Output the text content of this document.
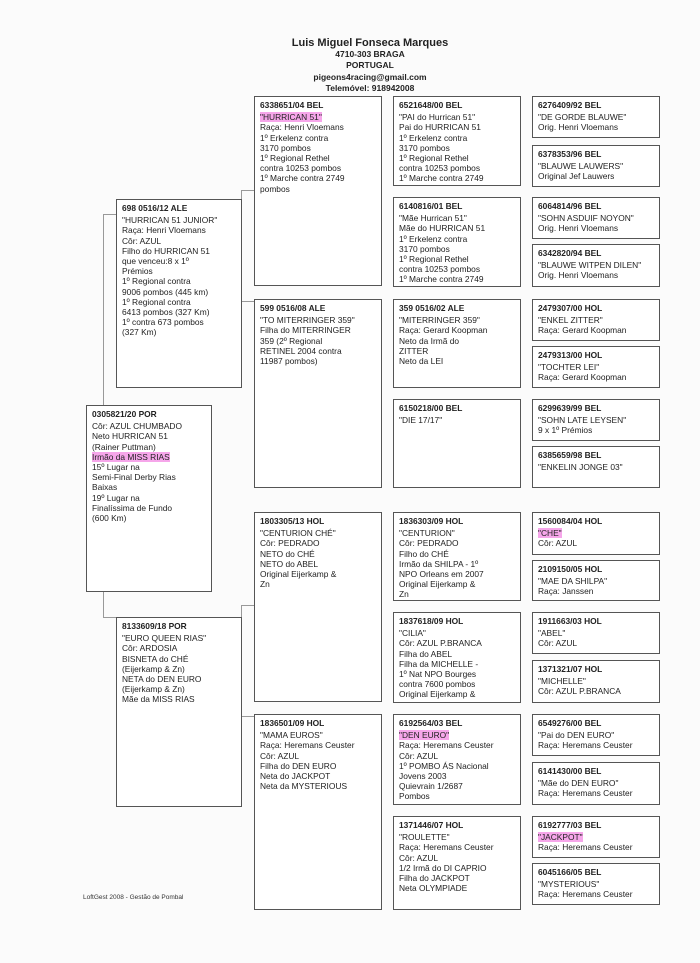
Luis Miguel Fonseca Marques
4710-303 BRAGA
PORTUGAL
pigeons4racing@gmail.com
Telemóvel: 918942008
0305821/20 POR
Côr: AZUL CHUMBADO
Neto HURRICAN 51
(Rainer Puttman)
Irmão da MISS RIAS
15º Lugar na
Semi-Final Derby Rias
Baixas
19º Lugar na
Finalíssima de Fundo
(600 Km)
698 0516/12 ALE
"HURRICAN 51 JUNIOR"
Raça: Henri Vloemans
Côr: AZUL
Filho do HURRICAN 51
que venceu:8 x 1º
Prémios
1º Regional contra
9006 pombos (445 km)
1º Regional contra
6413 pombos (327 Km)
1º contra 673 pombos
(327 Km)
8133609/18 POR
"EURO QUEEN RIAS"
Côr: ARDOSIA
BISNETA do CHÉ
(Eijerkamp & Zn)
NETA do DEN EURO
(Eijerkamp & Zn)
Mãe da MISS RIAS
6338651/04 BEL
"HURRICAN 51"
Raça: Henri Vloemans
1º Erkelenz contra
3170 pombos
1º Regional Rethel
contra 10253 pombos
1º Marche contra 2749
pombos
599 0516/08 ALE
"TO MITERRINGER 359"
Filha do MITERRINGER
359 (2º Regional
RETINEL 2004 contra
11987 pombos)
1803305/13 HOL
"CENTURION CHÉ"
Côr: PEDRADO
NETO do CHÉ
NETO do ABEL
Original Eijerkamp &
Zn
1836501/09 HOL
"MAMA EUROS"
Raça: Heremans Ceuster
Côr: AZUL
Filha do DEN EURO
Neta do JACKPOT
Neta da MYSTERIOUS
6521648/00 BEL
"PAI do Hurrican 51"
Pai do HURRICAN 51
1º Erkelenz contra
3170 pombos
1º Regional Rethel
contra 10253 pombos
1º Marche contra 2749
6140816/01 BEL
"Mãe Hurrican 51"
Mãe do HURRICAN 51
1º Erkelenz contra
3170 pombos
1º Regional Rethel
contra 10253 pombos
1º Marche contra 2749
359 0516/02 ALE
"MITERRINGER 359"
Raça: Gerard Koopman
Neto da Irmã do
ZITTER
Neto da LEI
6150218/00 BEL
"DIE 17/17"
1836303/09 HOL
"CENTURION"
Côr: PEDRADO
Filho do CHÉ
Irmão da SHILPA - 1º
NPO Orleans em 2007
Original Eijerkamp &
Zn
1837618/09 HOL
"CILIA"
Côr: AZUL P.BRANCA
Filha do ABEL
Filha da MICHELLE -
1º Nat NPO Bourges
contra 7600 pombos
Original Eijerkamp &
6192564/03 BEL
"DEN EURO"
Raça: Heremans Ceuster
Côr: AZUL
1º POMBO ÁS Nacional
Jovens 2003
Quievrain 1/2687
Pombos
1371446/07 HOL
"ROULETTE"
Raça: Heremans Ceuster
Côr: AZUL
1/2 Irmã do DI CAPRIO
Filha do JACKPOT
Neta OLYMPIADE
6276409/92 BEL
"DE GORDE BLAUWE"
Orig. Henri Vloemans
6378353/96 BEL
"BLAUWE LAUWERS"
Original Jef Lauwers
6064814/96 BEL
"SOHN ASDUIF NOYON"
Orig. Henri Vloemans
6342820/94 BEL
"BLAUWE WITPEN DILEN"
Orig. Henri Vloemans
2479307/00 HOL
"ENKEL ZITTER"
Raça: Gerard Koopman
2479313/00 HOL
"TOCHTER LEI"
Raça: Gerard Koopman
6299639/99 BEL
"SOHN LATE LEYSEN"
9 x 1º Prémios
6385659/98 BEL
"ENKELIN JONGE 03"
1560084/04 HOL
"CHE"
Côr: AZUL
2109150/05 HOL
"MAE DA SHILPA"
Raça: Janssen
1911663/03 HOL
"ABEL"
Côr: AZUL
1371321/07 HOL
"MICHELLE"
Côr: AZUL P.BRANCA
6549276/00 BEL
"Pai do DEN EURO"
Raça: Heremans Ceuster
6141430/00 BEL
"Mãe do DEN EURO"
Raça: Heremans Ceuster
6192777/03 BEL
"JACKPOT"
Raça: Heremans Ceuster
6045166/05 BEL
"MYSTERIOUS"
Raça: Heremans Ceuster
LoftGest 2008 - Gestão de Pombal
